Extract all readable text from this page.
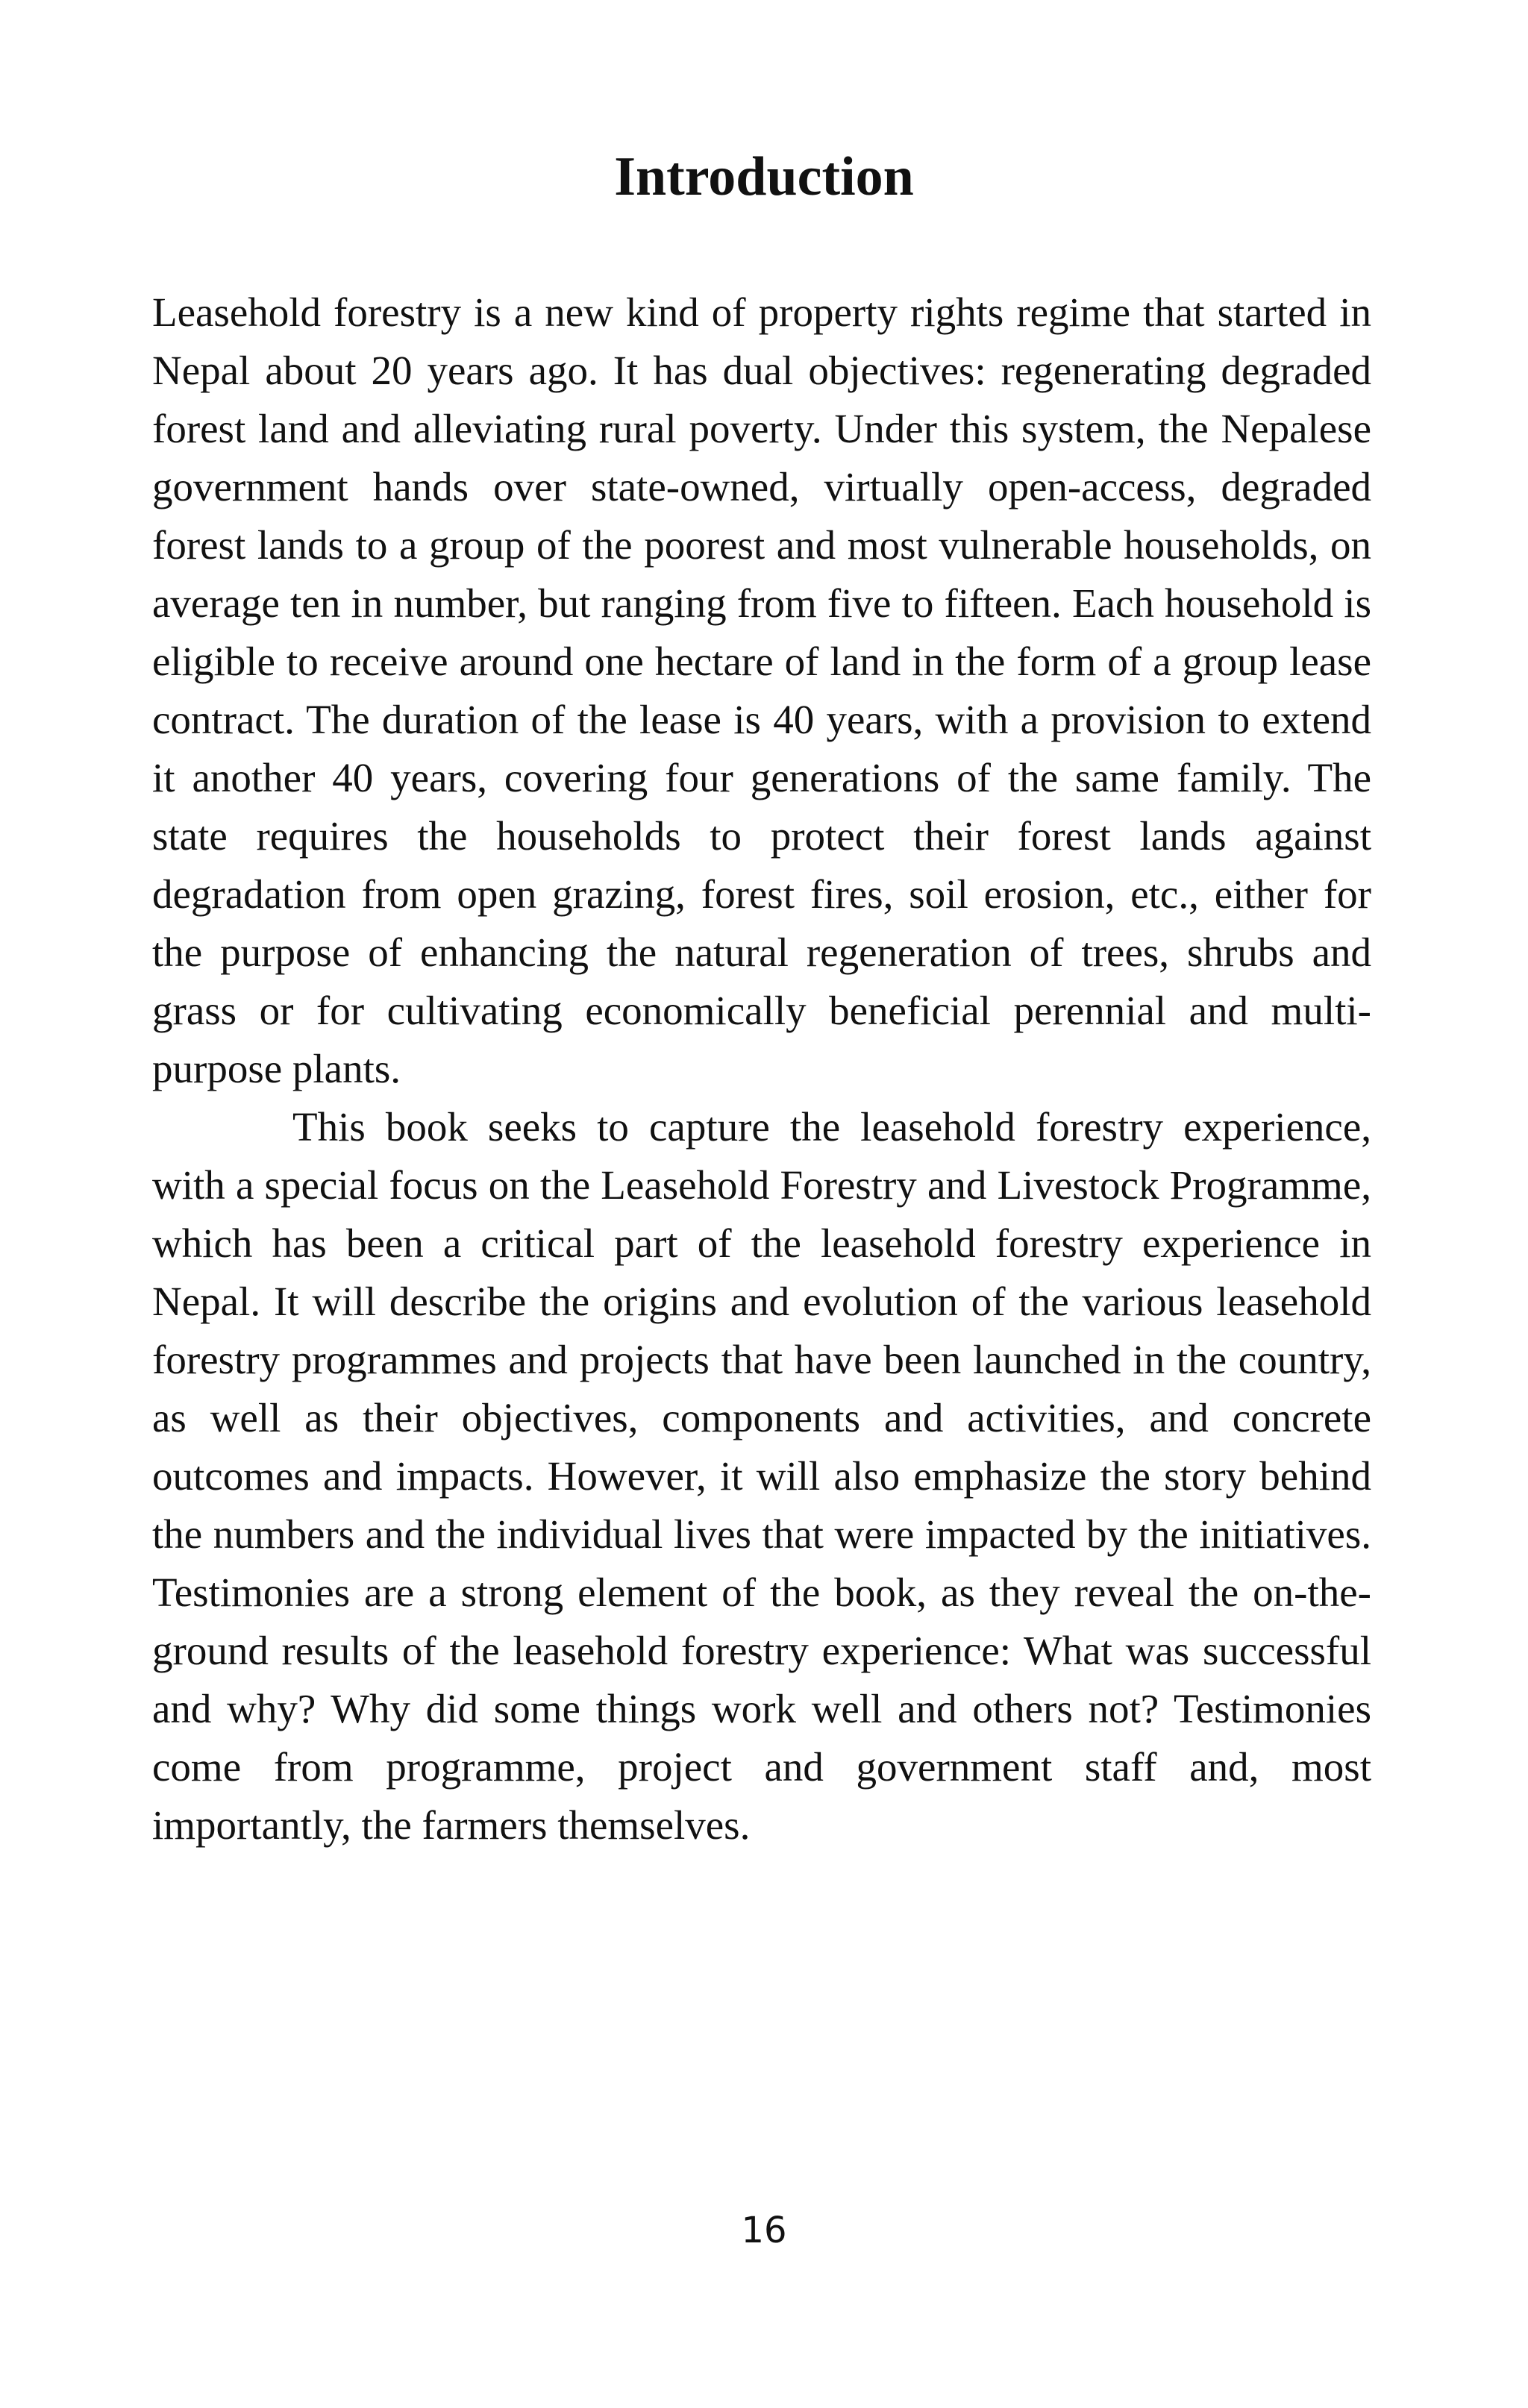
Introduction

Leasehold forestry is a new kind of property rights regime that started in Nepal about 20 years ago. It has dual objectives: regenerating degraded forest land and alleviating rural poverty. Under this system, the Nepalese government hands over state-owned, virtually open-access, degraded forest lands to a group of the poorest and most vulnerable households, on average ten in number, but ranging from five to fifteen. Each household is eligible to receive around one hectare of land in the form of a group lease contract. The duration of the lease is 40 years, with a provision to extend it another 40 years, covering four generations of the same family. The state requires the households to protect their forest lands against degradation from open grazing, forest fires, soil erosion, etc., either for the purpose of enhancing the natural regeneration of trees, shrubs and grass or for cultivating economically beneficial perennial and multi-purpose plants.

This book seeks to capture the leasehold forestry experience, with a special focus on the Leasehold Forestry and Livestock Programme, which has been a critical part of the leasehold forestry experience in Nepal. It will describe the origins and evolution of the various leasehold forestry programmes and projects that have been launched in the country, as well as their objectives, components and activities, and concrete outcomes and impacts. However, it will also emphasize the story behind the numbers and the individual lives that were impacted by the initiatives. Testimonies are a strong element of the book, as they reveal the on-the-ground results of the leasehold forestry experience: What was successful and why? Why did some things work well and others not? Testimonies come from programme, project and government staff and, most importantly, the farmers themselves.

16
